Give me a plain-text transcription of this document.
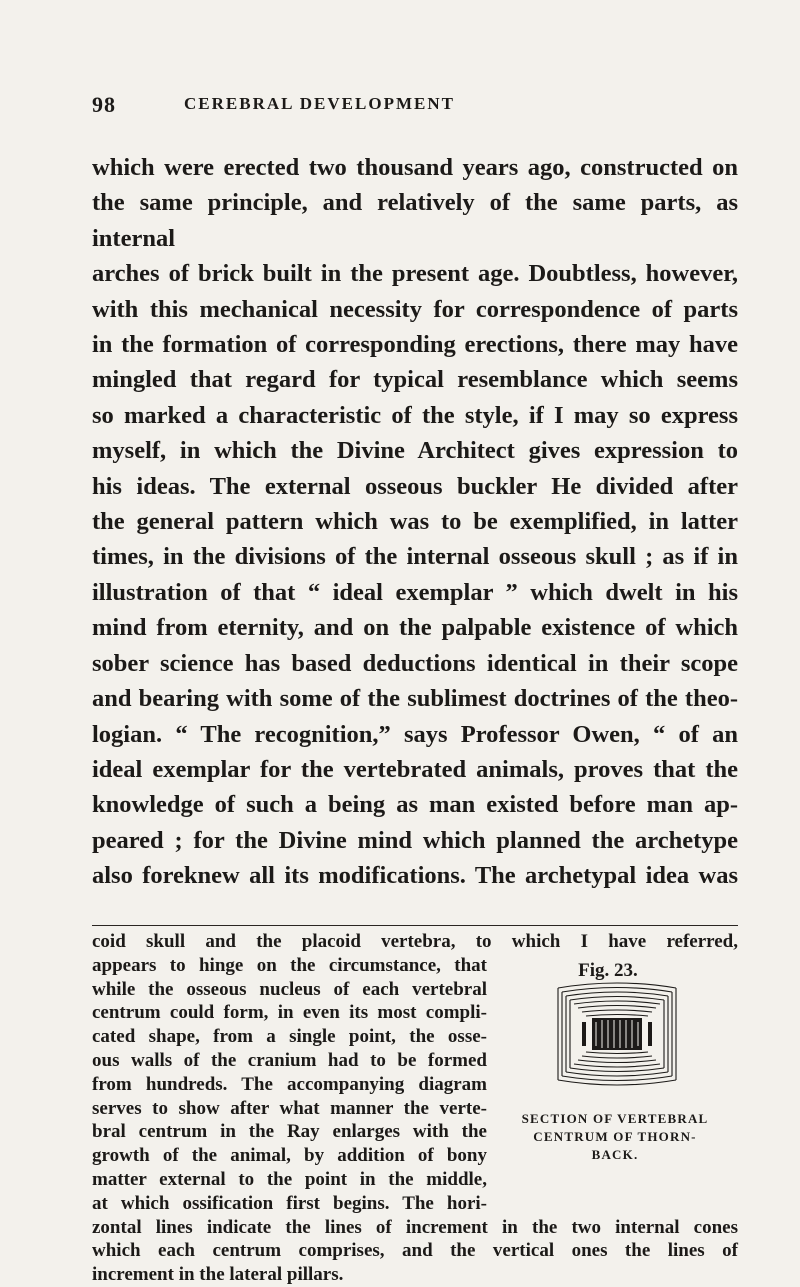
98	CEREBRAL DEVELOPMENT
which were erected two thousand years ago, constructed on
the same principle, and relatively of the same parts, as internal
arches of brick built in the present age. Doubtless, however,
with this mechanical necessity for correspondence of parts
in the formation of corresponding erections, there may have
mingled that regard for typical resemblance which seems
so marked a characteristic of the style, if I may so express
myself, in which the Divine Architect gives expression to
his ideas. The external osseous buckler He divided after
the general pattern which was to be exemplified, in latter
times, in the divisions of the internal osseous skull ; as if in
illustration of that “ ideal exemplar ” which dwelt in his
mind from eternity, and on the palpable existence of which
sober science has based deductions identical in their scope
and bearing with some of the sublimest doctrines of the theo-
logian. “ The recognition,” says Professor Owen, “ of an
ideal exemplar for the vertebrated animals, proves that the
knowledge of such a being as man existed before man ap-
peared ; for the Divine mind which planned the archetype
also foreknew all its modifications. The archetypal idea was
coid skull and the placoid vertebra, to which I have referred,
appears to hinge on the circumstance, that
while the osseous nucleus of each vertebral
centrum could form, in even its most compli-
cated shape, from a single point, the osse-
ous walls of the cranium had to be formed
from hundreds. The accompanying diagram
serves to show after what manner the verte-
bral centrum in the Ray enlarges with the
growth of the animal, by addition of bony
matter external to the point in the middle,
at which ossification first begins. The hori-
zontal lines indicate the lines of increment in the two internal cones
which each centrum comprises, and the vertical ones the lines of
increment in the lateral pillars.
Fig. 23.
SECTION OF VERTEBRAL
CENTRUM OF THORN-
BACK.
